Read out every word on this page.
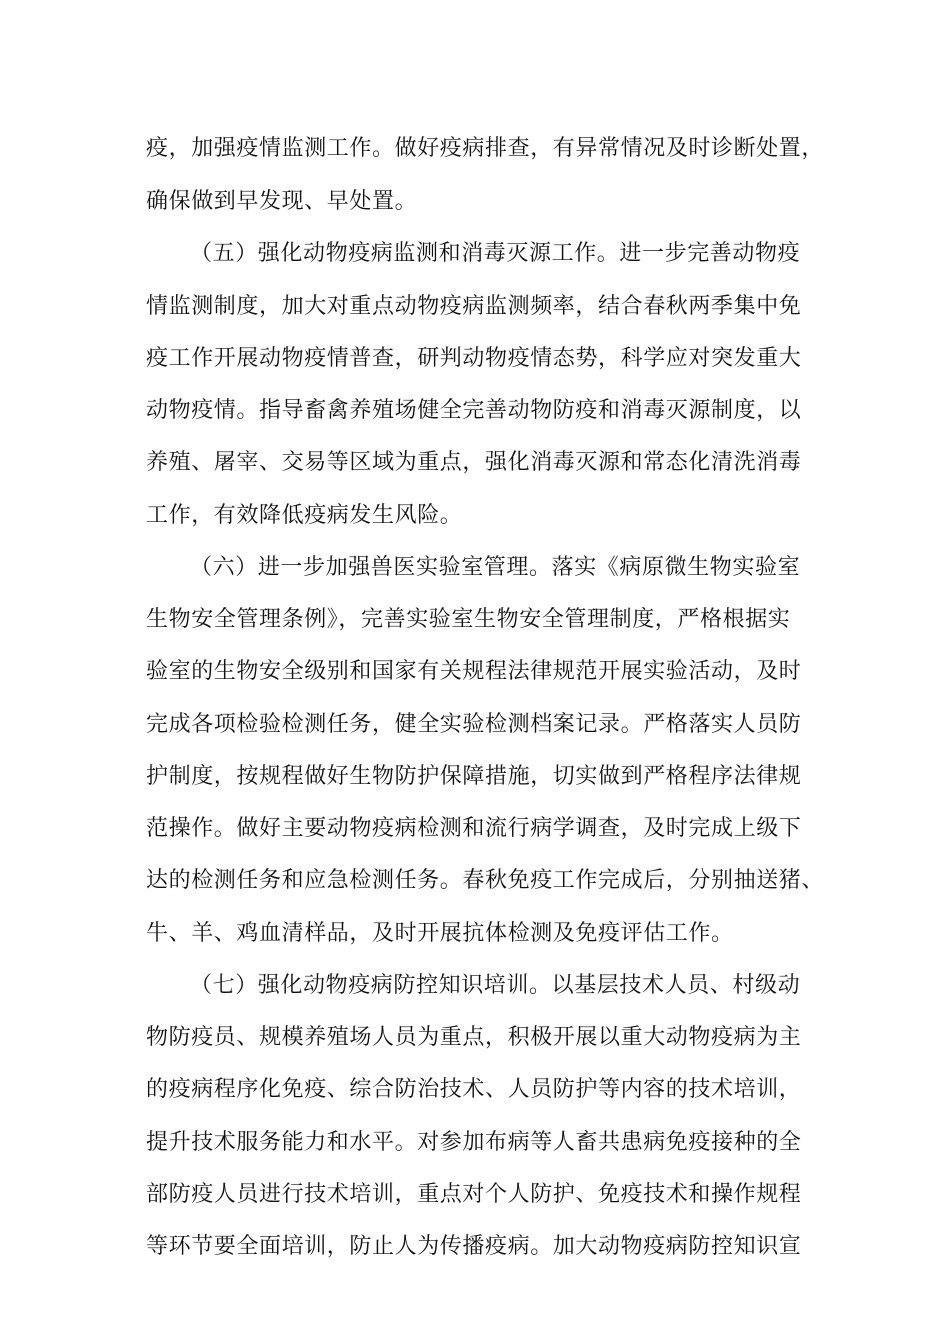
疫，加强疫情监测工作。做好疫病排查，有异常情况及时诊断处置，
确保做到早发现、早处置。
（五）强化动物疫病监测和消毒灭源工作。进一步完善动物疫
情监测制度，加大对重点动物疫病监测频率，结合春秋两季集中免
疫工作开展动物疫情普查，研判动物疫情态势，科学应对突发重大
动物疫情。指导畜禽养殖场健全完善动物防疫和消毒灭源制度，以
养殖、屠宰、交易等区域为重点，强化消毒灭源和常态化清洗消毒
工作，有效降低疫病发生风险。
（六）进一步加强兽医实验室管理。落实《病原微生物实验室
生物安全管理条例》，完善实验室生物安全管理制度，严格根据实
验室的生物安全级别和国家有关规程法律规范开展实验活动，及时
完成各项检验检测任务，健全实验检测档案记录。严格落实人员防
护制度，按规程做好生物防护保障措施，切实做到严格程序法律规
范操作。做好主要动物疫病检测和流行病学调查，及时完成上级下
达的检测任务和应急检测任务。春秋免疫工作完成后，分别抽送猪、
牛、羊、鸡血清样品，及时开展抗体检测及免疫评估工作。
（七）强化动物疫病防控知识培训。以基层技术人员、村级动
物防疫员、规模养殖场人员为重点，积极开展以重大动物疫病为主
的疫病程序化免疫、综合防治技术、人员防护等内容的技术培训，
提升技术服务能力和水平。对参加布病等人畜共患病免疫接种的全
部防疫人员进行技术培训，重点对个人防护、免疫技术和操作规程
等环节要全面培训，防止人为传播疫病。加大动物疫病防控知识宣
